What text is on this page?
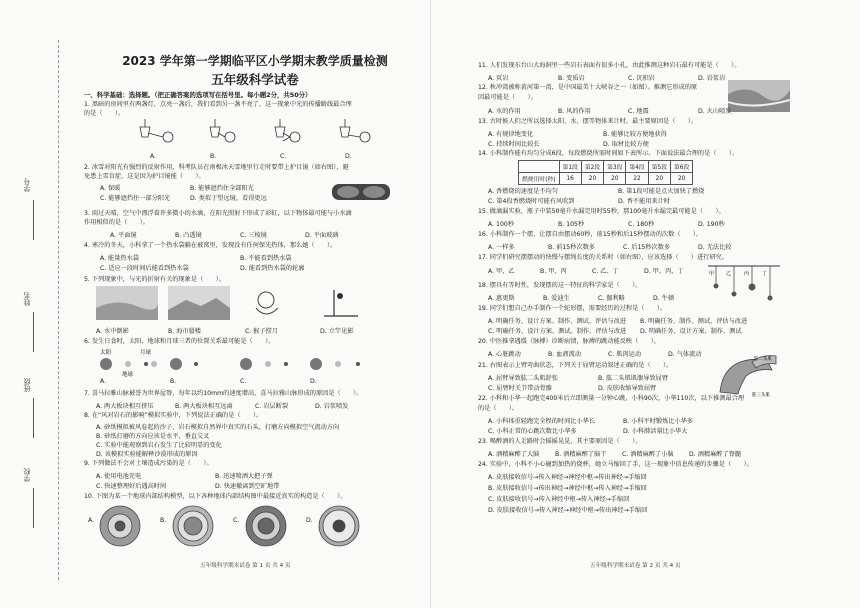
学号
姓名
班级
学校
2023 学年第一学期临平区小学期末教学质量检测
五年级科学试卷
一、科学基础：选择题。（把正确答案的选项写在括号里。每小题2分，共50分）
1. 黑暗的房间里有两盏灯，点亮一盏后，我们看到另一盏不亮了，这一现象中光的传播路线最合理
的是（　　）。
A.	B.	C.	D.
2. 冰雪对阳光有强烈的反射作用，科考队员在南极冰天雪地里行走时要带上护目镜（如右图），避
免患上雪盲症，这是因为护目镜能（　　）。
A. 保暖	B. 能够遮挡住全部阳光
C. 能够遮挡住一部分阳光	D. 类似于望远镜，看得更远
3. 雨过天晴，空气中漂浮着许多微小的水滴，在阳光照射下形成了彩虹，以下物体最可能与小水滴
作用相似的是（　　）。
A. 平面镜	B. 凸透镜	C. 三棱镜	D. 平面玻璃
4. 寒冷的冬天，小科拿了一个热水袋躺在被窝里，发现没有任何保先热体，那么她（　　）。
A. 能量热水袋	B. 不能看到热水袋
C. 适应一段时间后能看到热水袋	D. 能看到热水袋的轮廓
5. 下列现象中，与光的折射有关的现象是（　　）。
A. 水中倒影	B. 海市蜃楼	C. 猴子捞月	D. 立竿见影
6. 发生日食时，太阳、地球和月球三者的位置关系最可能是（　　）。
太阳
地球
月球
A.	B.	C.	D.
7. 喜马拉雅山脉被誉为世界屋脊，每年以约10mm的速度增高，喜马拉雅山脉形成的原因是（　　）。
A. 两大板块相互挤压	B. 两大板块相互远离	C. 岩层断裂	D. 岩浆喷发
8. 在“风对岩石的影响”模拟实验中，下列说法正确的是（　　）。
A. 砂纸模拟被风卷起的沙子，岩石模拟自然界中真实的石头，打磨方向模拟空气流动方向
B. 砂纸打磨的方向应该是水平、垂直交叉
C. 实验中能观察到岩石发生了比较明显的变化
D. 该模拟实验能解释沙漠形成的原因
9. 下列做法不会对土壤造成污染的是（　　）。
A. 使用电池充电	B. 迅速喷洒大把子弹
C. 快速整理好后遇高时间	D. 快速撤离到空旷地带
10. 下图为某一个地球内部结构模型，以下各种地球内部结构图中最接近真实的构造是（　　）。
A.	B.	C.	D.
五年级科学期末试卷 第 1 页 共 4 页
11. 人们发现东台山大海洞里一些岩石表面有很多小孔，由此推测这种岩石最有可能是（　　）。
A. 页岩	B. 变质岩	C. 沉积岩	D. 岩浆岩
12. 秋冲湾被称黄河第一湾，是中国最美十大峡谷之一（如图）。推测它形成的原
因最可能是（　　）。
A. 水的作用	B. 风的作用	C. 地震	D. 火山喷发
13. 古时候人们之所以选择太阳、水、摆等物体来计时，最主要原因是（　　）。
A. 有规律地变化	B. 能够比较方便地获得
C. 持续时间比较长	D. 取材比较方便
14. 小科制作能有均匀分成6段，每段燃烧所需时间如下表所示。下面说法最合理的是（　　）。
	第1段	第2段	第3段	第4段	第5段	第6段
燃烧用时(秒)	16	20	20	22	20	20
A. 香燃烧的速度是不均匀	B. 第1段可能是点火加快了燃烧
C. 第4段香燃烧时可能有风吹到	D. 香不能用来计时
15. 做滴漏实验，瓶子中装50毫升水漏完用时55秒，那100毫升水漏完最可能是（　　）。
A. 100秒	B. 105秒	C. 180秒	D. 190秒
16. 小科制作一个摆，让摆自由摆动60秒，前15秒和后15秒摆动的次数（　　）。
A. 一样多	B. 前15秒次数多	C. 后15秒次数多	D. 无法比较
17. 同学们研究摆摆动的快慢与摆绳长度的关系时（如右图），应该选择（　　）进行研究。
甲 乙	丙	丁
A. 甲、乙	B. 甲、丙	C. 乙、丁	D. 甲、丙、丁
18. 摆具有等时性，发现摆的这一特征的科学家是（　　）。
A. 惠更斯	B. 爱迪生	C. 伽利略	D. 牛顿
19. 同学们想自己办手制作一个蛇形摆，需要经历的过程是（　　）。
A. 明确任务、设计方案、制作、测试、评估与改进 B. 明确任务、制作、测试、评估与改进
C. 明确任务、设计方案、测试、制作、评估与改进 D. 明确任务、设计方案、制作、测试
20. 中医推拿遇缓（脉搏）诊断病情，脉搏的跳动能反映（　　）。
A. 心脏跳动	B. 血液流动	C. 肌肉运动	D. 气体流动
21. 右图表示上臂弯曲状态，下列关于屈臂运动叙述正确的是（　　）。
肱二头肌
肱三头肌
A. 屈臂导致肱二头肌舒张	B. 肱二头肌肌腹导致屈臂
C. 屈臂时关节带动骨骼	D. 皮肤收缩导致屈臂
22. 小科和小华一起跑完400米后立即测量一分钟心跳，小科90次，小华110次，以下推测最合理
的是（　　）。
A. 小科体重轻跑完全程的时间比小华长	B. 小科平时锻炼比小华多
C. 小科正常的心跳次数比小华多	D. 小科肺活量比小华大
23. 喝醉酒的人走路时会摇摇晃晃，其主要原因是（　　）。
A. 酒精麻醉了大脑	B. 酒精麻醉了脑干	C. 酒精麻醉了小脑 D. 酒精麻醉了脊髓
24. 实验中，小科不小心碰到加热的烧杯，她立马缩回了手，这一现象中信息传递的步骤是（　　）。
A. 皮肤接收信号→传入神经→神经中枢→传出神经→手缩回
B. 皮肤接收信号→传出神经→神经中枢→传入神经→手缩回
C. 皮肤接收信号→传入神经中枢→传入神经→手缩回
D. 皮肤接收信号→传入神经→神经中枢→传出神经→手缩回
五年级科学期末试卷 第 2 页 共 4 页
